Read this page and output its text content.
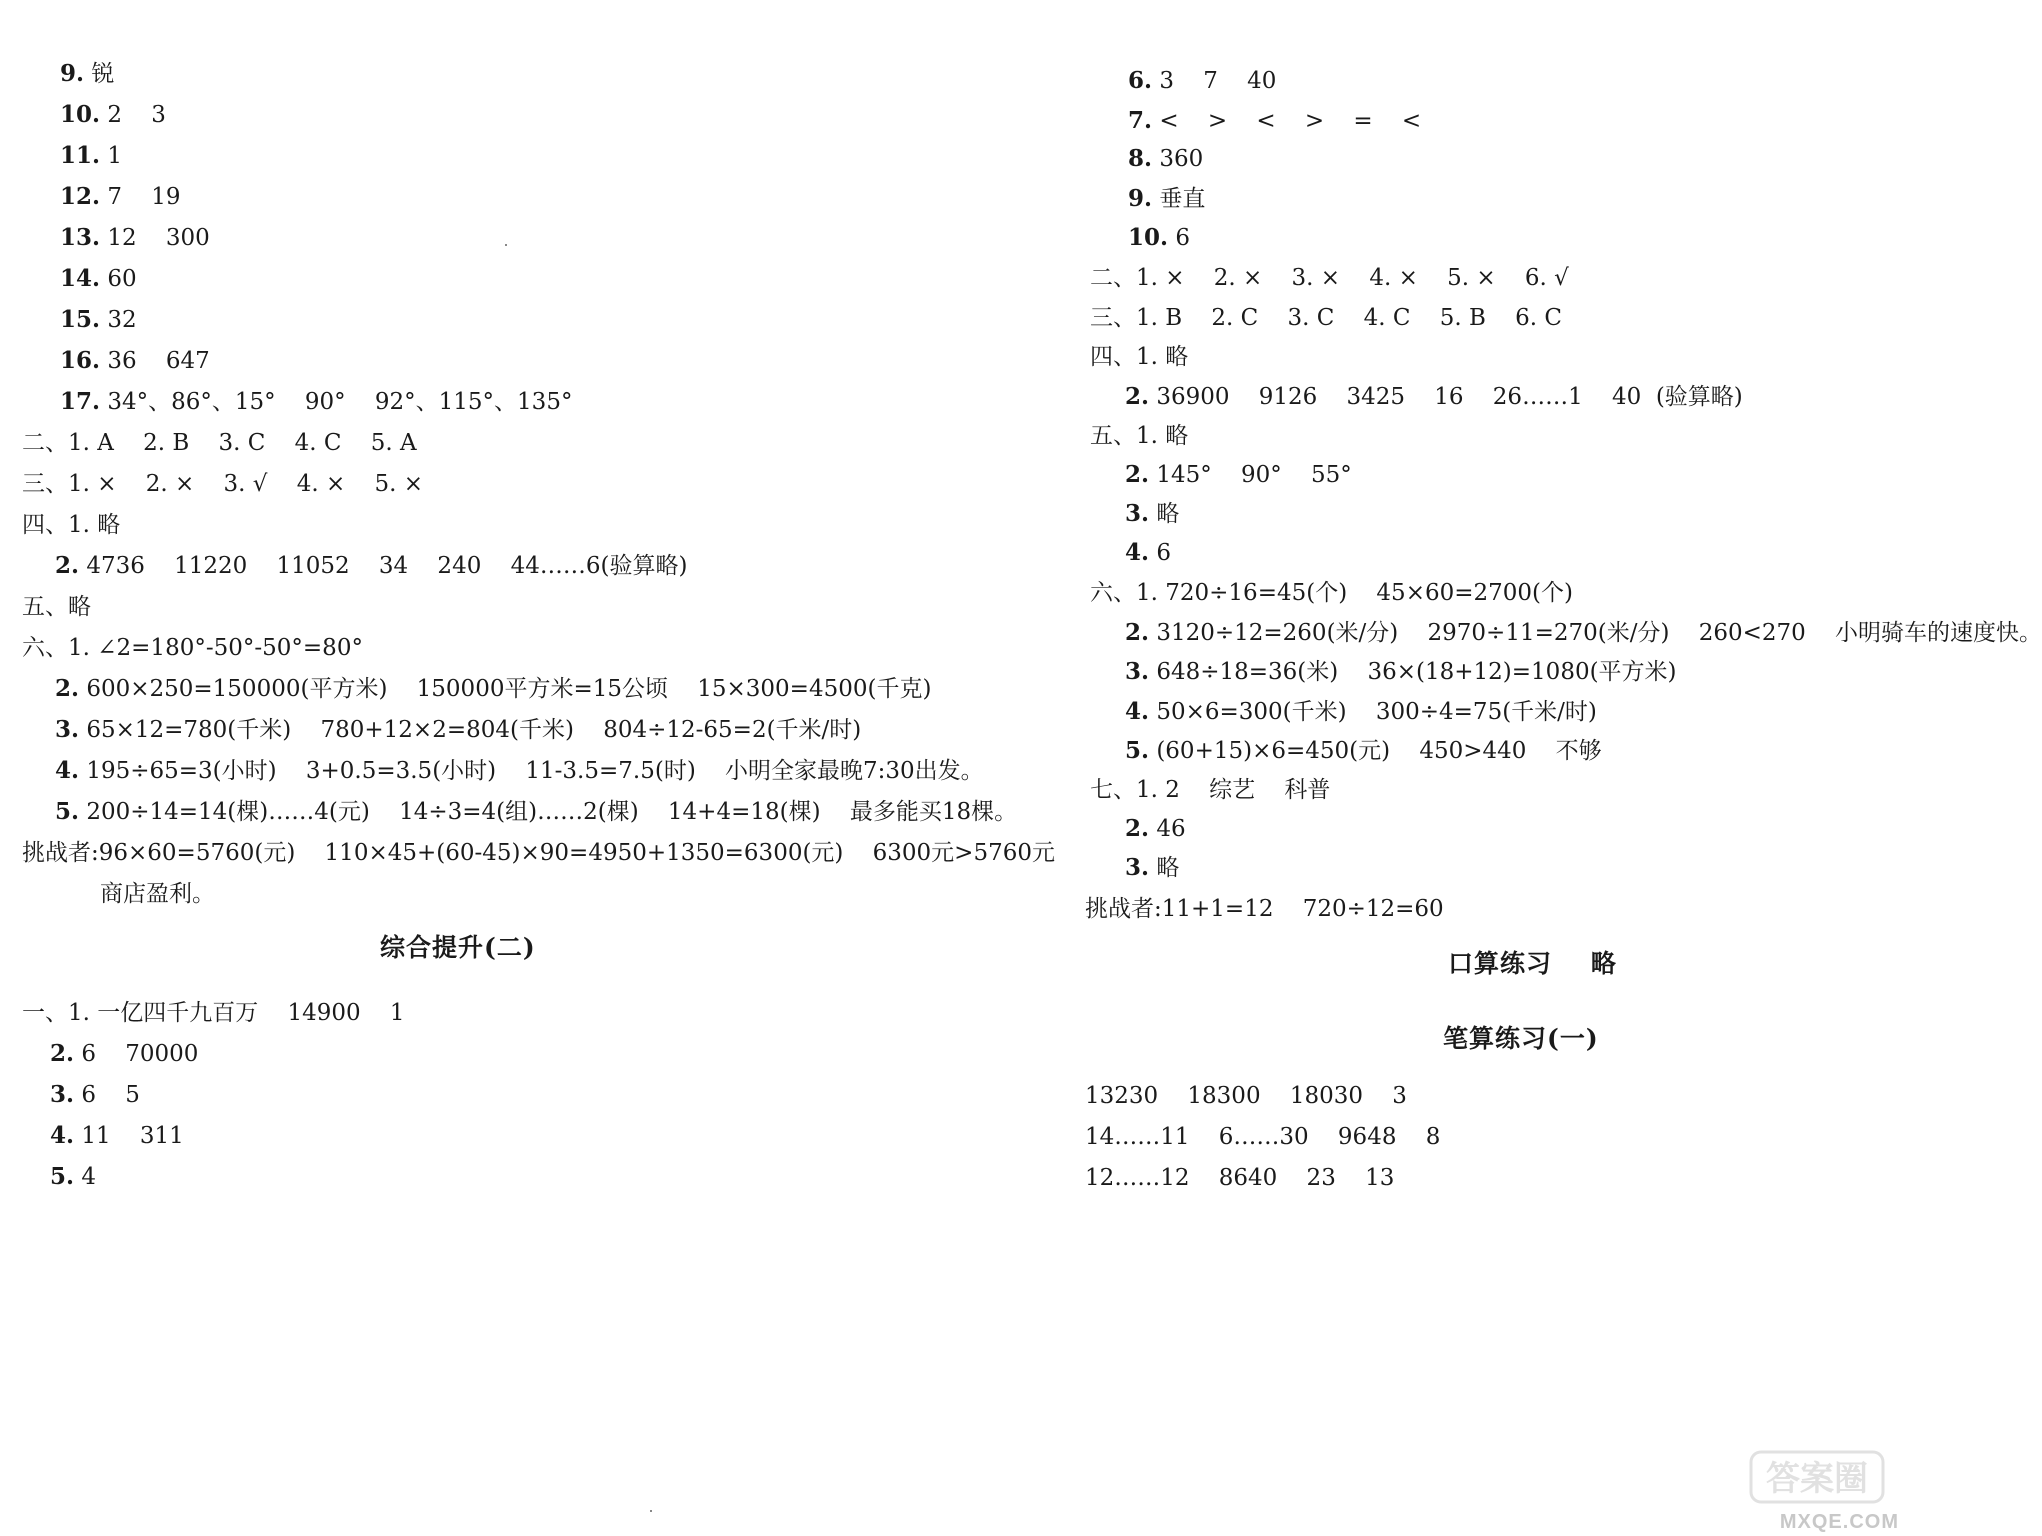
9. 锐
10. 2    3
11. 1
12. 7    19
13. 12    300
14. 60
15. 32
16. 36    647
17. 34°、86°、15°    90°    92°、115°、135°
二、1. A    2. B    3. C    4. C    5. A
三、1. ×    2. ×    3. √    4. ×    5. ×
四、1. 略
2. 4736    11220    11052    34    240    44……6(验算略)
五、略
六、1. ∠2=180°-50°-50°=80°
2. 600×250=150000(平方米)    150000平方米=15公顷    15×300=4500(千克)
3. 65×12=780(千米)    780+12×2=804(千米)    804÷12-65=2(千米/时)
4. 195÷65=3(小时)    3+0.5=3.5(小时)    11-3.5=7.5(时)    小明全家最晚7:30出发。
5. 200÷14=14(棵)……4(元)    14÷3=4(组)……2(棵)    14+4=18(棵)    最多能买18棵。
挑战者:96×60=5760(元)    110×45+(60-45)×90=4950+1350=6300(元)    6300元>5760元
商店盈利。
综合提升(二)
一、1. 一亿四千九百万    14900    1
2. 6    70000
3. 6    5
4. 11    311
5. 4
6. 3    7    40
7. <    >    <    >    =    <
8. 360
9. 垂直
10. 6
二、1. ×    2. ×    3. ×    4. ×    5. ×    6. √
三、1. B    2. C    3. C    4. C    5. B    6. C
四、1. 略
2. 36900    9126    3425    16    26……1    40  (验算略)
五、1. 略
2. 145°    90°    55°
3. 略
4. 6
六、1. 720÷16=45(个)    45×60=2700(个)
2. 3120÷12=260(米/分)    2970÷11=270(米/分)    260<270    小明骑车的速度快。
3. 648÷18=36(米)    36×(18+12)=1080(平方米)
4. 50×6=300(千米)    300÷4=75(千米/时)
5. (60+15)×6=450(元)    450>440    不够
七、1. 2    综艺    科普
2. 46
3. 略
挑战者:11+1=12    720÷12=60
口算练习    略
笔算练习(一)
13230    18300    18030    3
14……11    6……30    9648    8
12……12    8640    23    13
答案圈
MXQE.COM
